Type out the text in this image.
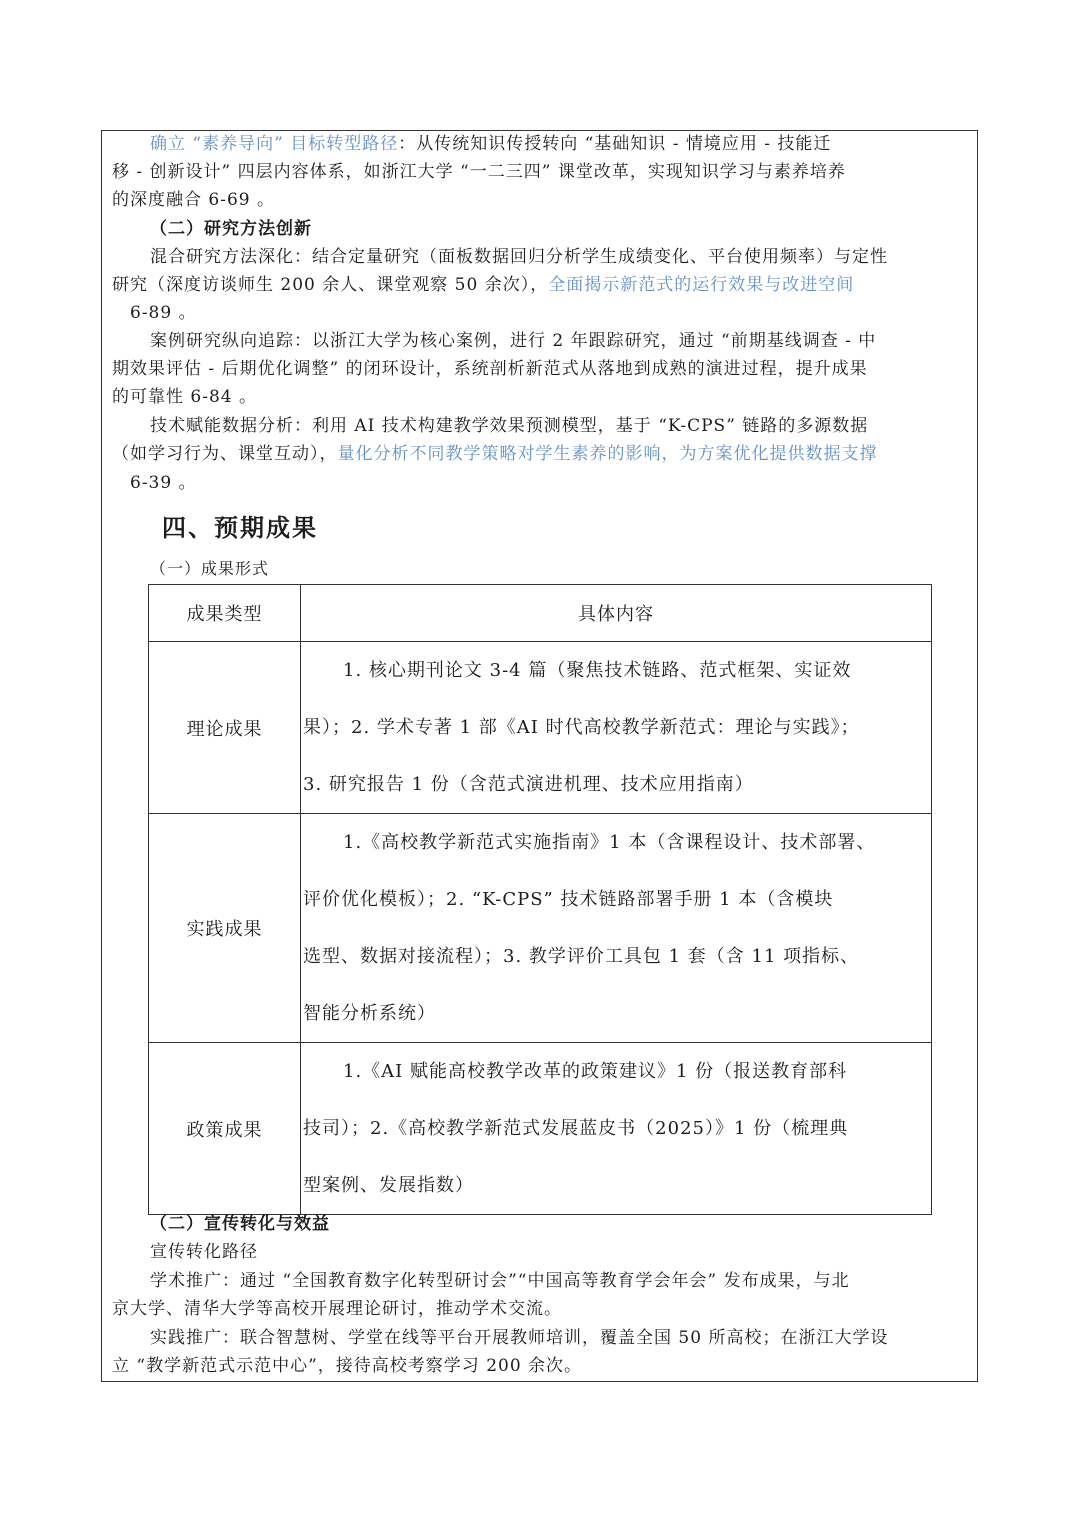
确立 “素养导向” 目标转型路径：从传统知识传授转向 “基础知识 - 情境应用 - 技能迁
移 - 创新设计” 四层内容体系，如浙江大学 “一二三四” 课堂改革，实现知识学习与素养培养
的深度融合 6-69 。
（二）研究方法创新
混合研究方法深化：结合定量研究（面板数据回归分析学生成绩变化、平台使用频率）与定性
研究（深度访谈师生 200 余人、课堂观察 50 余次），全面揭示新范式的运行效果与改进空间
6-89 。
案例研究纵向追踪：以浙江大学为核心案例，进行 2 年跟踪研究，通过 “前期基线调查 - 中
期效果评估 - 后期优化调整” 的闭环设计，系统剖析新范式从落地到成熟的演进过程，提升成果
的可靠性 6-84 。
技术赋能数据分析：利用 AI 技术构建教学效果预测模型，基于 “K-CPS” 链路的多源数据
（如学习行为、课堂互动），量化分析不同教学策略对学生素养的影响，为方案优化提供数据支撑
6-39 。
四、预期成果
（一）成果形式
成果类型	具体内容
理论成果	1. 核心期刊论文 3-4 篇（聚焦技术链路、范式框架、实证效
果）；2. 学术专著 1 部《AI 时代高校教学新范式：理论与实践》；
3. 研究报告 1 份（含范式演进机理、技术应用指南）

实践成果	1.《高校教学新范式实施指南》1 本（含课程设计、技术部署、
评价优化模板）；2. “K-CPS” 技术链路部署手册 1 本（含模块
选型、数据对接流程）；3. 教学评价工具包 1 套（含 11 项指标、
智能分析系统）

政策成果	1.《AI 赋能高校教学改革的政策建议》1 份（报送教育部科
技司）；2.《高校教学新范式发展蓝皮书（2025）》1 份（梳理典
型案例、发展指数）
（二）宣传转化与效益
宣传转化路径
学术推广：通过 “全国教育数字化转型研讨会”“中国高等教育学会年会” 发布成果，与北
京大学、清华大学等高校开展理论研讨，推动学术交流。
实践推广：联合智慧树、学堂在线等平台开展教师培训，覆盖全国 50 所高校；在浙江大学设
立 “教学新范式示范中心”，接待高校考察学习 200 余次。
